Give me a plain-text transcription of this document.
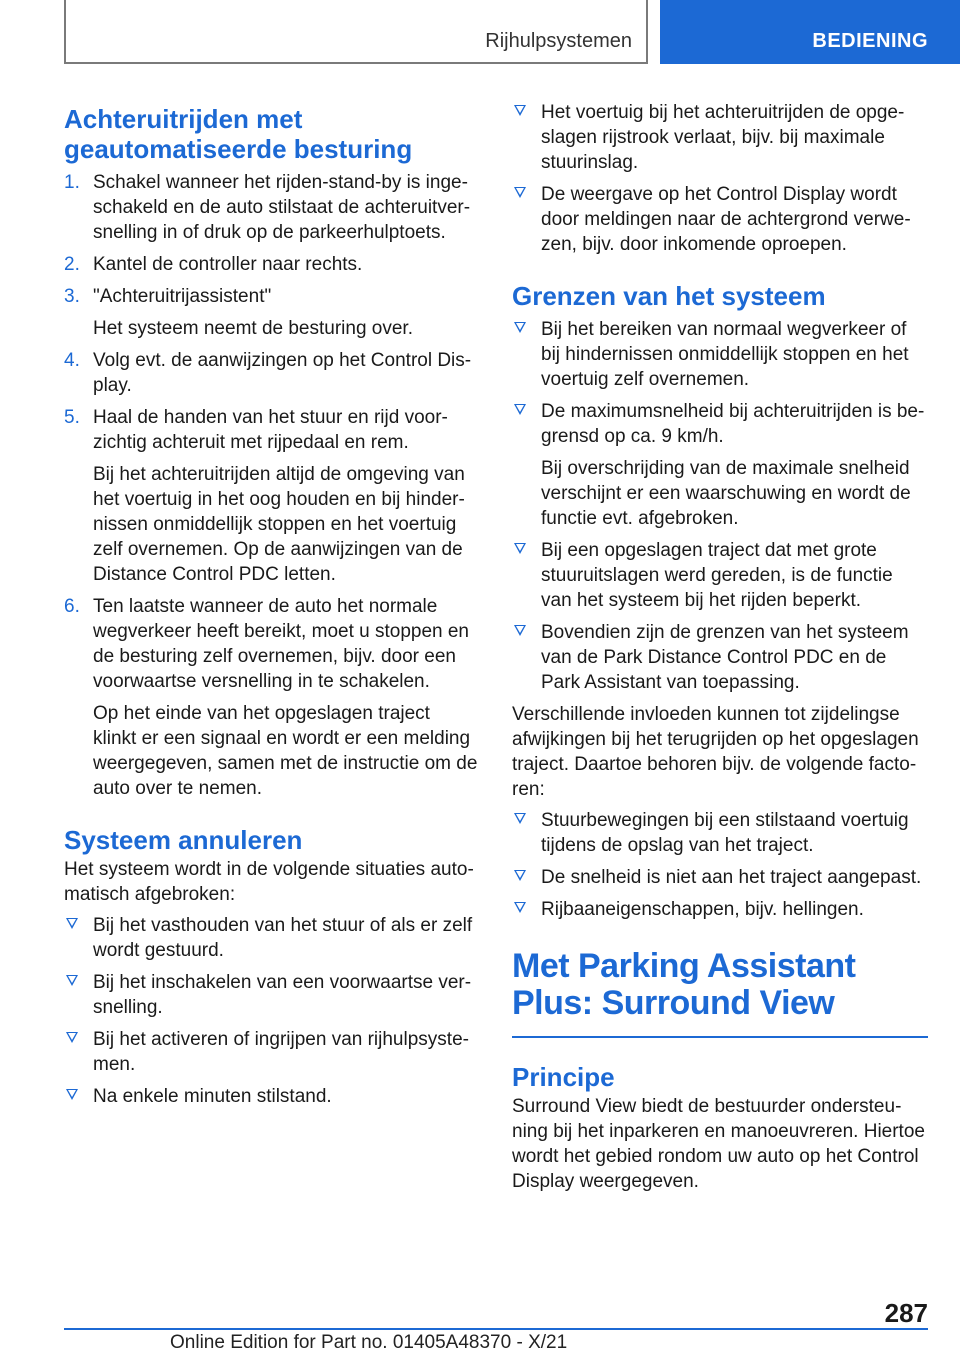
Rijhulpsystemen	BEDIENING
Achteruitrijden met geautomatiseerde besturing
1. Schakel wanneer het rijden-stand-by is inge-schakeld en de auto stilstaat de achteruitver-snelling in of druk op de parkeerhulptoets.
2. Kantel de controller naar rechts.
3. "Achteruitrijassistent"
Het systeem neemt de besturing over.
4. Volg evt. de aanwijzingen op het Control Dis-play.
5. Haal de handen van het stuur en rijd voor-zichtig achteruit met rijpedaal en rem.
Bij het achteruitrijden altijd de omgeving van het voertuig in het oog houden en bij hinder-nissen onmiddellijk stoppen en het voertuig zelf overnemen. Op de aanwijzingen van de Distance Control PDC letten.
6. Ten laatste wanneer de auto het normale wegverkeer heeft bereikt, moet u stoppen en de besturing zelf overnemen, bijv. door een voorwaartse versnelling in te schakelen.
Op het einde van het opgeslagen traject klinkt er een signaal en wordt er een melding weergegeven, samen met de instructie om de auto over te nemen.
Systeem annuleren
Het systeem wordt in de volgende situaties auto-matisch afgebroken:
Bij het vasthouden van het stuur of als er zelf wordt gestuurd.
Bij het inschakelen van een voorwaartse ver-snelling.
Bij het activeren of ingrijpen van rijhulpsyste-men.
Na enkele minuten stilstand.
Het voertuig bij het achteruitrijden de opge-slagen rijstrook verlaat, bijv. bij maximale stuurinslag.
De weergave op het Control Display wordt door meldingen naar de achtergrond verwe-zen, bijv. door inkomende oproepen.
Grenzen van het systeem
Bij het bereiken van normaal wegverkeer of bij hindernissen onmiddellijk stoppen en het voertuig zelf overnemen.
De maximumsnelheid bij achteruitrijden is be-grensd op ca. 9 km/h.
Bij overschrijding van de maximale snelheid verschijnt er een waarschuwing en wordt de functie evt. afgebroken.
Bij een opgeslagen traject dat met grote stuuruitslagen werd gereden, is de functie van het systeem bij het rijden beperkt.
Bovendien zijn de grenzen van het systeem van de Park Distance Control PDC en de Park Assistant van toepassing.
Verschillende invloeden kunnen tot zijdelingse afwijkingen bij het terugrijden op het opgeslagen traject. Daartoe behoren bijv. de volgende facto-ren:
Stuurbewegingen bij een stilstaand voertuig tijdens de opslag van het traject.
De snelheid is niet aan het traject aangepast.
Rijbaaneigenschappen, bijv. hellingen.
Met Parking Assistant Plus: Surround View
Principe
Surround View biedt de bestuurder ondersteu-ning bij het inparkeren en manoeuvreren. Hiertoe wordt het gebied rondom uw auto op het Control Display weergegeven.
287
Online Edition for Part no. 01405A48370 - X/21
